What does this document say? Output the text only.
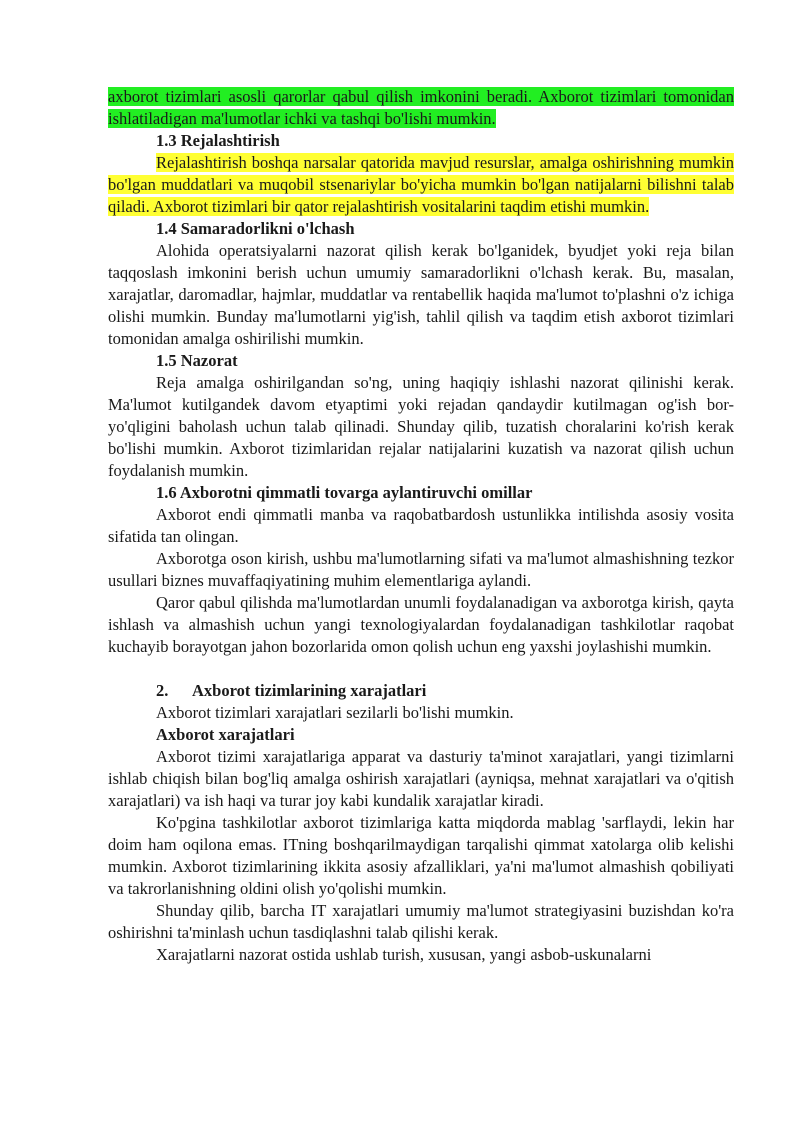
axborot tizimlari asosli qarorlar qabul qilish imkonini beradi. Axborot tizimlari tomonidan ishlatiladigan ma'lumotlar ichki va tashqi bo'lishi mumkin.

1.3 Rejalashtirish

Rejalashtirish boshqa narsalar qatorida mavjud resurslar, amalga oshirishning mumkin bo'lgan muddatlari va muqobil stsenariylar bo'yicha mumkin bo'lgan natijalarni bilishni talab qiladi. Axborot tizimlari bir qator rejalashtirish vositalarini taqdim etishi mumkin.

1.4 Samaradorlikni o'lchash

Alohida operatsiyalarni nazorat qilish kerak bo'lganidek, byudjet yoki reja bilan taqqoslash imkonini berish uchun umumiy samaradorlikni o'lchash kerak. Bu, masalan, xarajatlar, daromadlar, hajmlar, muddatlar va rentabellik haqida ma'lumot to'plashni o'z ichiga olishi mumkin. Bunday ma'lumotlarni yig'ish, tahlil qilish va taqdim etish axborot tizimlari tomonidan amalga oshirilishi mumkin.

1.5 Nazorat

Reja amalga oshirilgandan so'ng, uning haqiqiy ishlashi nazorat qilinishi kerak. Ma'lumot kutilgandek davom etyaptimi yoki rejadan qandaydir kutilmagan og'ish bor-yo'qligini baholash uchun talab qilinadi. Shunday qilib, tuzatish choralarini ko'rish kerak bo'lishi mumkin. Axborot tizimlaridan rejalar natijalarini kuzatish va nazorat qilish uchun foydalanish mumkin.

1.6 Axborotni qimmatli tovarga aylantiruvchi omillar

Axborot endi qimmatli manba va raqobatbardosh ustunlikka intilishda asosiy vosita sifatida tan olingan.

Axborotga oson kirish, ushbu ma'lumotlarning sifati va ma'lumot almashishning tezkor usullari biznes muvaffaqiyatining muhim elementlariga aylandi.

Qaror qabul qilishda ma'lumotlardan unumli foydalanadigan va axborotga kirish, qayta ishlash va almashish uchun yangi texnologiyalardan foydalanadigan tashkilotlar raqobat kuchayib borayotgan jahon bozorlarida omon qolish uchun eng yaxshi joylashishi mumkin.

2.	Axborot tizimlarining xarajatlari

Axborot tizimlari xarajatlari sezilarli bo'lishi mumkin.

Axborot xarajatlari

Axborot tizimi xarajatlariga apparat va dasturiy ta'minot xarajatlari, yangi tizimlarni ishlab chiqish bilan bog'liq amalga oshirish xarajatlari (ayniqsa, mehnat xarajatlari va o'qitish xarajatlari) va ish haqi va turar joy kabi kundalik xarajatlar kiradi.

Ko'pgina tashkilotlar axborot tizimlariga katta miqdorda mablag 'sarflaydi, lekin har doim ham oqilona emas. ITning boshqarilmaydigan tarqalishi qimmat xatolarga olib kelishi mumkin. Axborot tizimlarining ikkita asosiy afzalliklari, ya'ni ma'lumot almashish qobiliyati va takrorlanishning oldini olish yo'qolishi mumkin.

Shunday qilib, barcha IT xarajatlari umumiy ma'lumot strategiyasini buzishdan ko'ra oshirishni ta'minlash uchun tasdiqlashni talab qilishi kerak.

Xarajatlarni nazorat ostida ushlab turish, xususan, yangi asbob-uskunalarni
